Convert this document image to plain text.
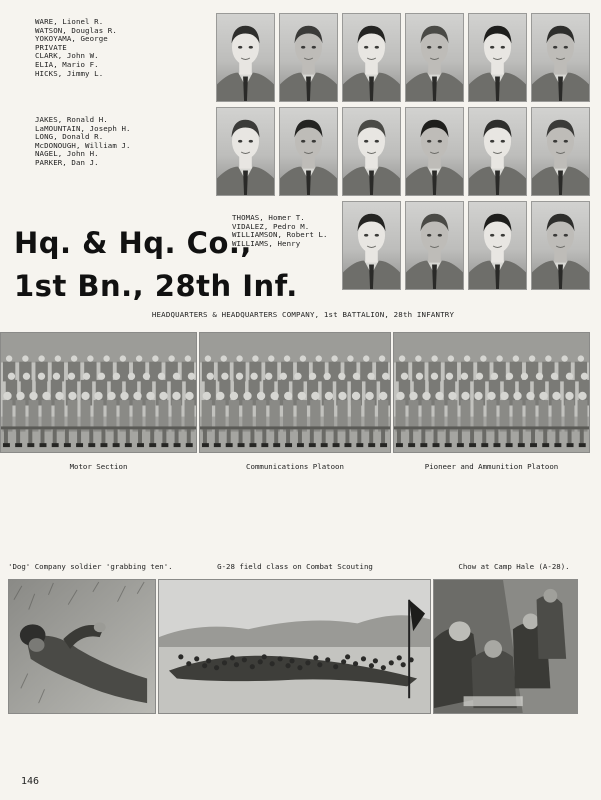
WARE, Lionel R.
WATSON, Douglas R.
YOKOYAMA, George
PRIVATE
CLARK, John W.
ELIA, Mario F.
HICKS, Jimmy L.
JAKES, Ronald H.
LaMOUNTAIN, Joseph H.
LONG, Donald R.
McDONOUGH, William J.
NAGEL, John H.
PARKER, Dan J.
THOMAS, Homer T.
VIDALEZ, Pedro M.
WILLIAMSON, Robert L.
WILLIAMS, Henry
Hq. & Hq. Co.,
1st Bn., 28th Inf.
HEADQUARTERS & HEADQUARTERS COMPANY, 1st BATTALION, 28th INFANTRY
Motor Section	Communications Platoon	Pioneer and Ammunition Platoon
'Dog' Company soldier 'grabbing ten'.	G-28 field class on Combat Scouting	Chow at Camp Hale (A-28).
146
